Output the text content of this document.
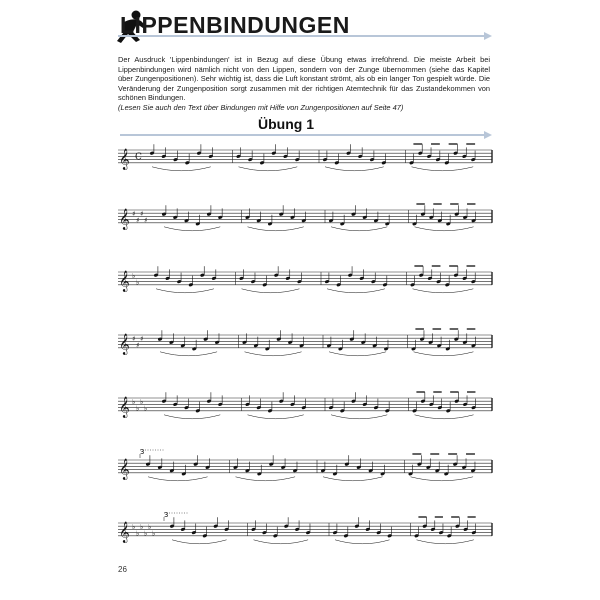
𝄞 C
𝄞 ♯
♯
♯
♯
𝄞 ♭
♭
𝄞 ♯
♯
♯
𝄞 ♭
♭
♭
♭
𝄞
3
𝄞 ♭
♭
♭
♭
♭
♭
3
LIPPENBINDUNGEN

Der Ausdruck 'Lippenbindungen' ist in Bezug auf diese Übung etwas irreführend. Die meiste Arbeit bei Lippenbindungen wird nämlich nicht von den Lippen, sondern von der Zunge übernommen (siehe das Kapitel über Zungenpositionen). Sehr wichtig ist, dass die Luft konstant strömt, als ob ein langer Ton gespielt würde. Die Veränderung der Zungenposition sorgt zusammen mit der richtigen Atemtechnik für das Zustandekommen von schönen Bindungen.

(Lesen Sie auch den Text über Bindungen mit Hilfe von Zungenpositionen auf Seite 47)

Übung 1
26
